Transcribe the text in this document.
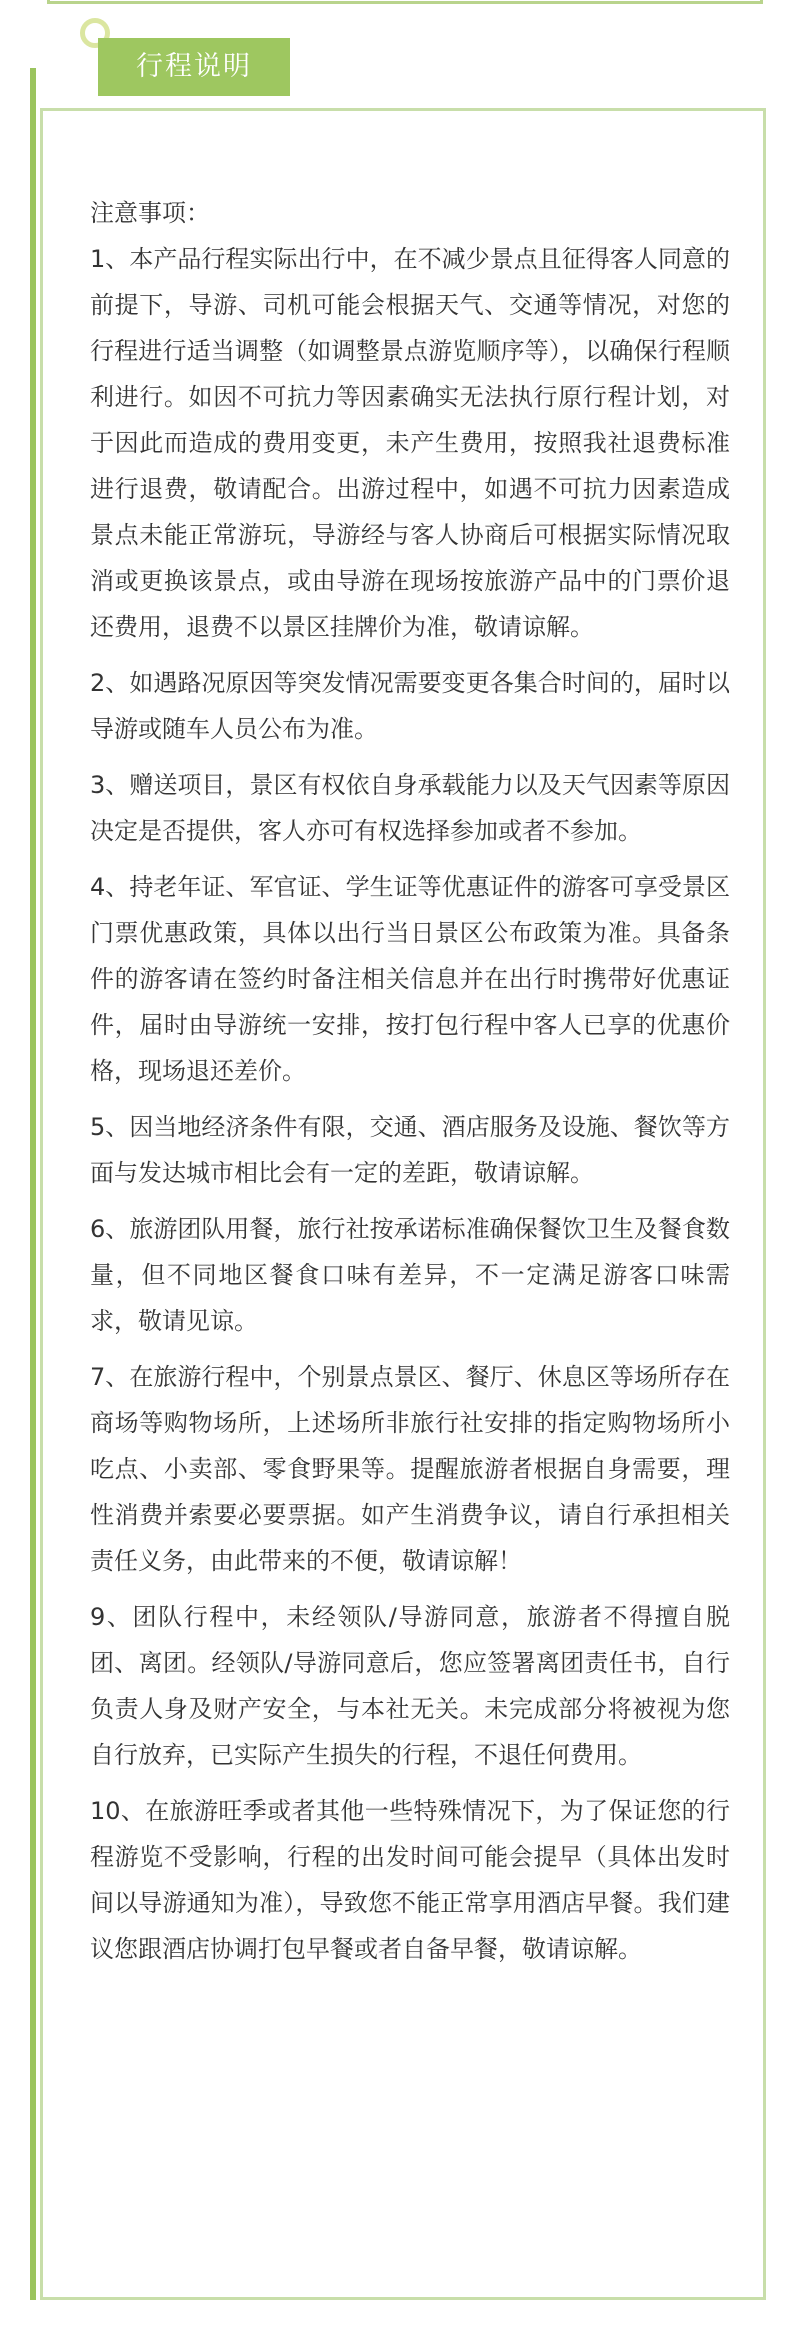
行程说明

注意事项：

1、本产品行程实际出行中，在不减少景点且征得客人同意的前提下，导游、司机可能会根据天气、交通等情况，对您的行程进行适当调整（如调整景点游览顺序等），以确保行程顺利进行。如因不可抗力等因素确实无法执行原行程计划，对于因此而造成的费用变更，未产生费用，按照我社退费标准进行退费，敬请配合。出游过程中，如遇不可抗力因素造成景点未能正常游玩，导游经与客人协商后可根据实际情况取消或更换该景点，或由导游在现场按旅游产品中的门票价退还费用，退费不以景区挂牌价为准，敬请谅解。

2、如遇路况原因等突发情况需要变更各集合时间的，届时以导游或随车人员公布为准。

3、赠送项目，景区有权依自身承载能力以及天气因素等原因决定是否提供，客人亦可有权选择参加或者不参加。

4、持老年证、军官证、学生证等优惠证件的游客可享受景区门票优惠政策，具体以出行当日景区公布政策为准。具备条件的游客请在签约时备注相关信息并在出行时携带好优惠证件，届时由导游统一安排，按打包行程中客人已享的优惠价格，现场退还差价。

5、因当地经济条件有限，交通、酒店服务及设施、餐饮等方面与发达城市相比会有一定的差距，敬请谅解。

6、旅游团队用餐，旅行社按承诺标准确保餐饮卫生及餐食数量，但不同地区餐食口味有差异，不一定满足游客口味需求，敬请见谅。

7、在旅游行程中，个别景点景区、餐厅、休息区等场所存在商场等购物场所，上述场所非旅行社安排的指定购物场所小吃点、小卖部、零食野果等。提醒旅游者根据自身需要，理性消费并索要必要票据。如产生消费争议，请自行承担相关责任义务，由此带来的不便，敬请谅解！

9、团队行程中，未经领队/导游同意，旅游者不得擅自脱团、离团。经领队/导游同意后，您应签署离团责任书，自行负责人身及财产安全，与本社无关。未完成部分将被视为您自行放弃，已实际产生损失的行程，不退任何费用。

10、在旅游旺季或者其他一些特殊情况下，为了保证您的行程游览不受影响，行程的出发时间可能会提早（具体出发时间以导游通知为准），导致您不能正常享用酒店早餐。我们建议您跟酒店协调打包早餐或者自备早餐，敬请谅解。
